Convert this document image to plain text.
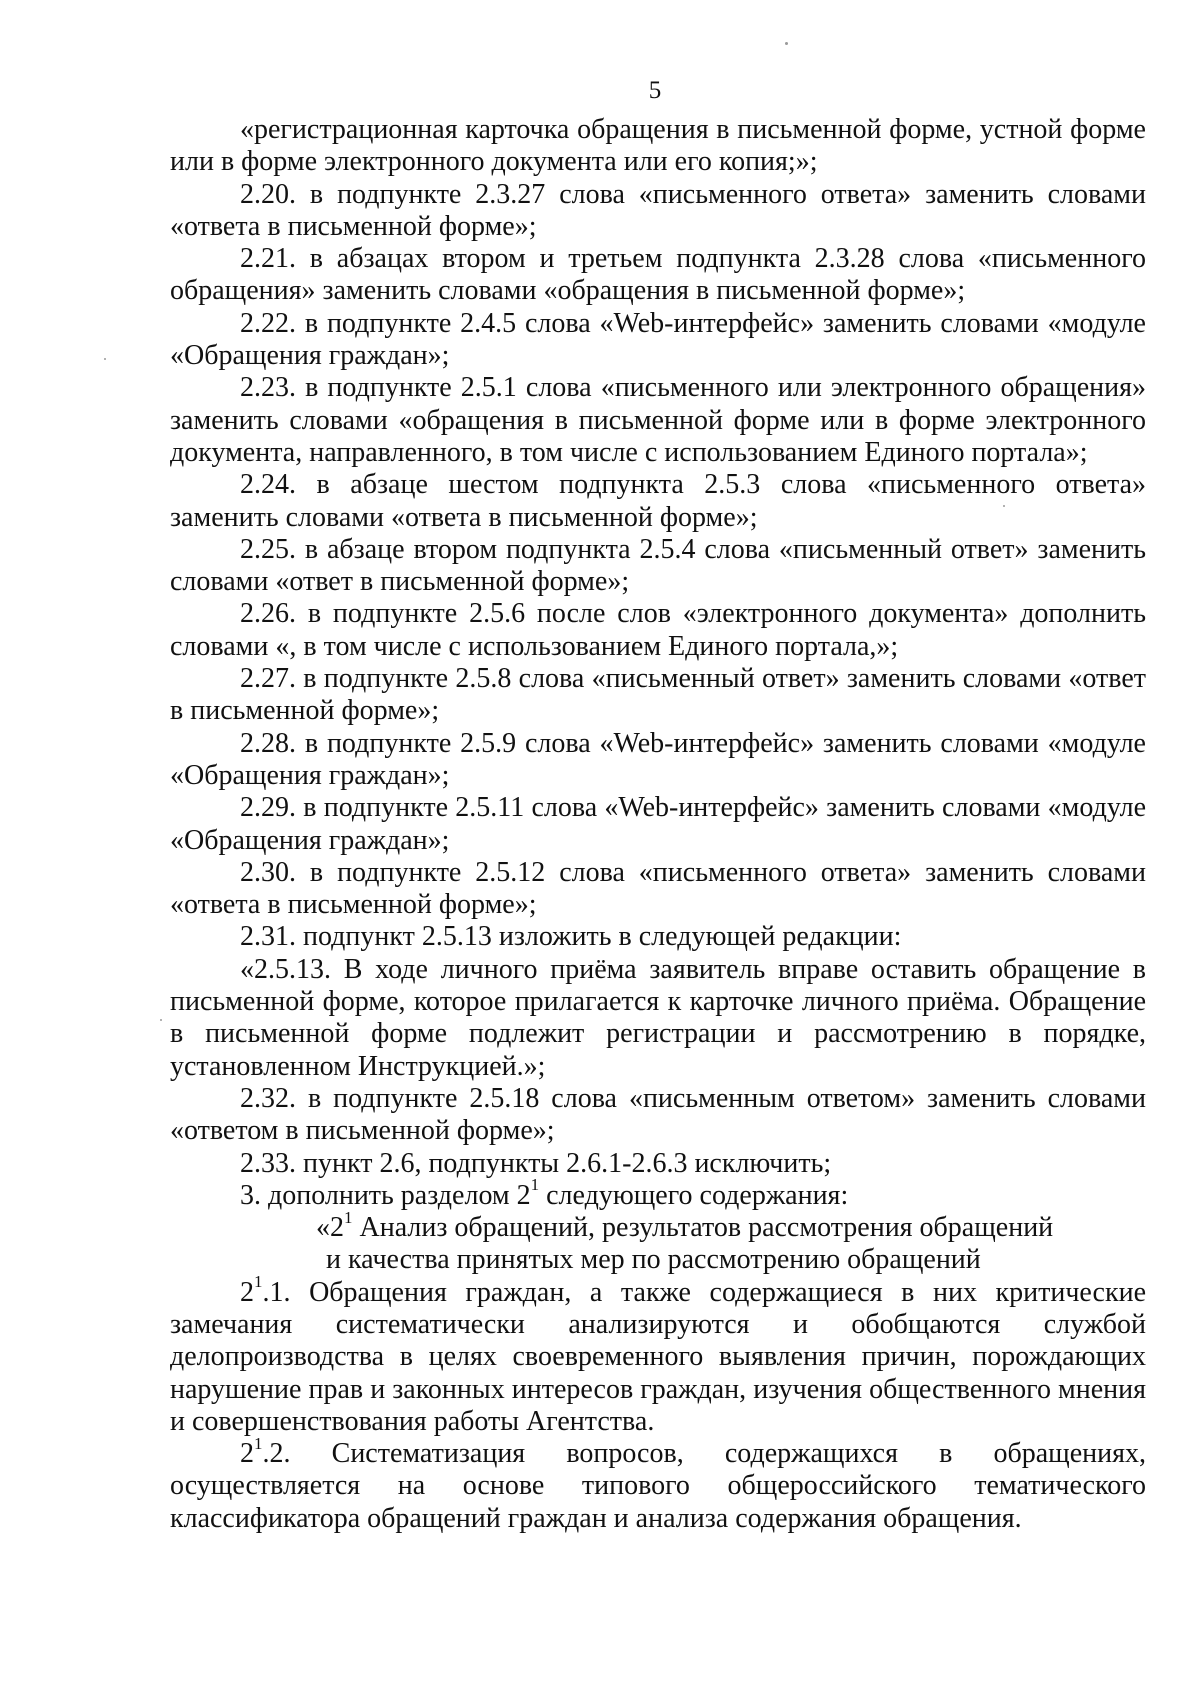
5

«регистрационная карточка обращения в письменной форме, устной форме или в форме электронного документа или его копия;»;

2.20. в подпункте 2.3.27 слова «письменного ответа» заменить словами «ответа в письменной форме»;

2.21. в абзацах втором и третьем подпункта 2.3.28 слова «письменного обращения» заменить словами «обращения в письменной форме»;

2.22. в подпункте 2.4.5 слова «Web-интерфейс» заменить словами «модуле «Обращения граждан»;

2.23. в подпункте 2.5.1 слова «письменного или электронного обращения» заменить словами «обращения в письменной форме или в форме электронного документа, направленного, в том числе с использованием Единого портала»;

2.24. в абзаце шестом подпункта 2.5.3 слова «письменного ответа» заменить словами «ответа в письменной форме»;

2.25. в абзаце втором подпункта 2.5.4 слова «письменный ответ» заменить словами «ответ в письменной форме»;

2.26. в подпункте 2.5.6 после слов «электронного документа» дополнить словами «, в том числе с использованием Единого портала,»;

2.27. в подпункте 2.5.8 слова «письменный ответ» заменить словами «ответ в письменной форме»;

2.28. в подпункте 2.5.9 слова «Web-интерфейс» заменить словами «модуле «Обращения граждан»;

2.29. в подпункте 2.5.11 слова «Web-интерфейс» заменить словами «модуле «Обращения граждан»;

2.30. в подпункте 2.5.12 слова «письменного ответа» заменить словами «ответа в письменной форме»;

2.31. подпункт 2.5.13 изложить в следующей редакции:

«2.5.13. В ходе личного приёма заявитель вправе оставить обращение в письменной форме, которое прилагается к карточке личного приёма. Обращение в письменной форме подлежит регистрации и рассмотрению в порядке, установленном Инструкцией.»;

2.32. в подпункте 2.5.18 слова «письменным ответом» заменить словами «ответом в письменной форме»;

2.33. пункт 2.6, подпункты 2.6.1-2.6.3 исключить;

3. дополнить разделом $2^1$ следующего содержания:

«$2^1$ Анализ обращений, результатов рассмотрения обращений

и качества принятых мер по рассмотрению обращений

$2^1.1$. Обращения граждан, а также содержащиеся в них критические замечания систематически анализируются и обобщаются службой делопроизводства в целях своевременного выявления причин, порождающих нарушение прав и законных интересов граждан, изучения общественного мнения и совершенствования работы Агентства.

$2^1.2$. Систематизация вопросов, содержащихся в обращениях, осуществляется на основе типового общероссийского тематического классификатора обращений граждан и анализа содержания обращения.
